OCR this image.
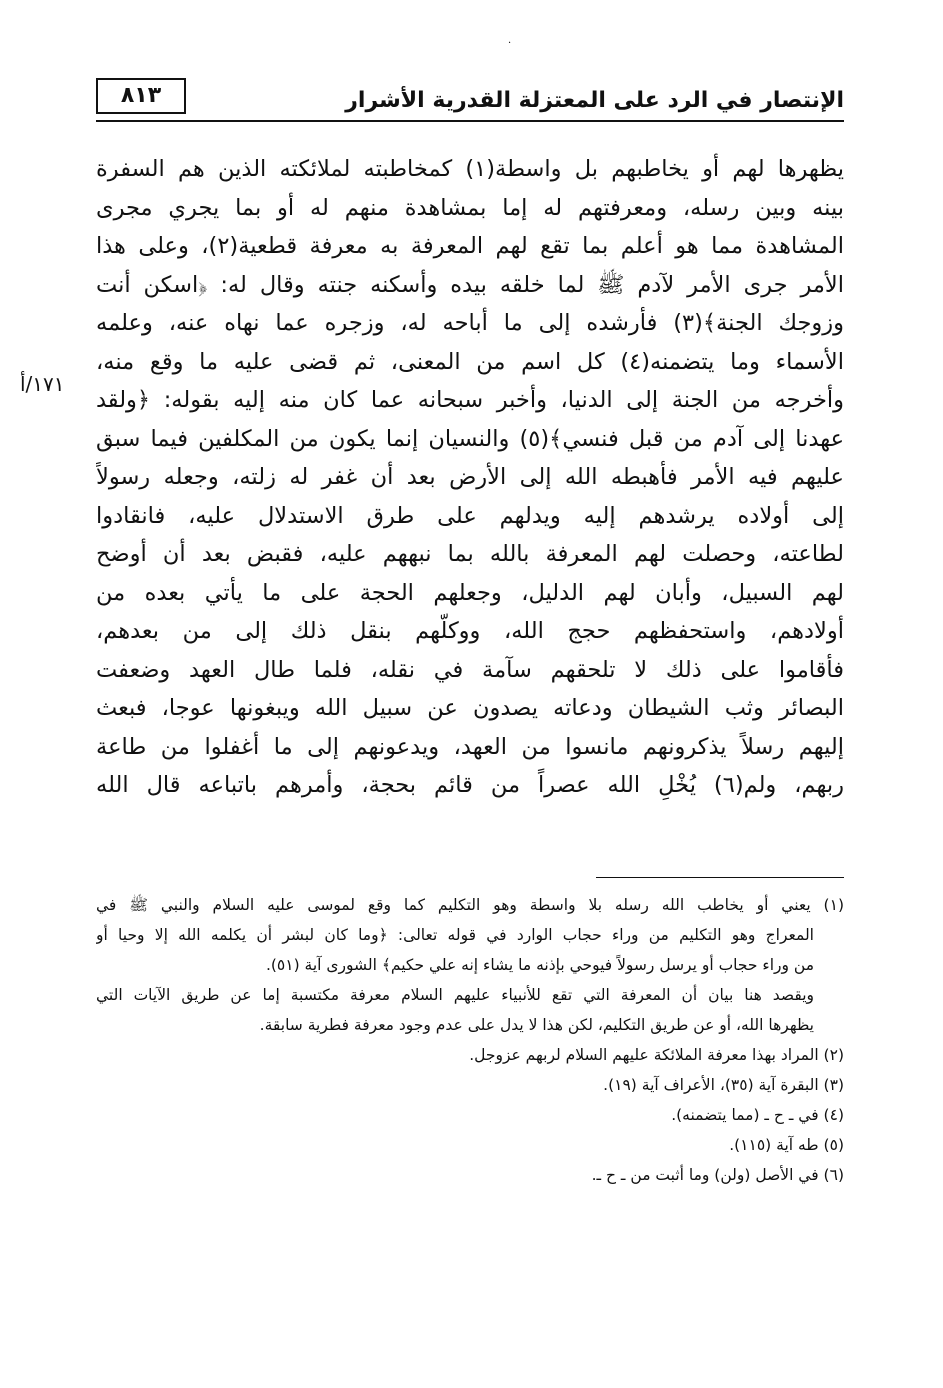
·
الإنتصار في الرد على المعتزلة القدرية الأشرار
٨١٣
١٧١/أ
يظهرها لهم أو يخاطبهم بل واسطة(١) كمخاطبته لملائكته الذين هم السفرة
بينه وبين رسله، ومعرفتهم له إما بمشاهدة منهم له أو بما يجري مجرى
المشاهدة مما هو أعلم بما تقع لهم المعرفة به معرفة قطعية(٢)، وعلى هذا
الأمر جرى الأمر لآدم ﷺ لما خلقه بيده وأسكنه جنته وقال له: ﴿اسكن أنت
وزوجك الجنة﴾(٣) فأرشده إلى ما أباحه له، وزجره عما نهاه عنه، وعلمه
الأسماء وما يتضمنه(٤) كل اسم من المعنى، ثم قضى عليه ما وقع منه،
وأخرجه من الجنة إلى الدنيا، وأخبر سبحانه عما كان منه إليه بقوله: ﴿ولقد
عهدنا إلى آدم من قبل فنسي﴾(٥) والنسيان إنما يكون من المكلفين فيما سبق
عليهم فيه الأمر فأهبطه الله إلى الأرض بعد أن غفر له زلته، وجعله رسولاً
إلى أولاده يرشدهم إليه ويدلهم على طرق الاستدلال عليه، فانقادوا
لطاعته، وحصلت لهم المعرفة بالله بما نبههم عليه، فقبض بعد أن أوضح
لهم السبيل، وأبان لهم الدليل، وجعلهم الحجة على ما يأتي بعده من
أولادهم، واستحفظهم حجج الله، ووكلّهم بنقل ذلك إلى من بعدهم،
فأقاموا على ذلك لا تلحقهم سآمة في نقله، فلما طال العهد وضعفت
البصائر وثب الشيطان ودعاته يصدون عن سبيل الله ويبغونها عوجا، فبعث
إليهم رسلاً يذكرونهم مانسوا من العهد، ويدعونهم إلى ما أغفلوا من طاعة
ربهم، ولم(٦) يُخْلِ الله عصراً من قائم بحجة، وأمرهم باتباعه قال الله
(١) يعني أو يخاطب الله رسله بلا واسطة وهو التكليم كما وقع لموسى عليه السلام والنبي ﷺ في
المعراج وهو التكليم من وراء حجاب الوارد في قوله تعالى: ﴿وما كان لبشر أن يكلمه الله إلا وحيا أو
من وراء حجاب أو يرسل رسولاً فيوحي بإذنه ما يشاء إنه علي حكيم﴾ الشورى آية (٥١).
ويقصد هنا بيان أن المعرفة التي تقع للأنبياء عليهم السلام معرفة مكتسبة إما عن طريق الآيات التي
يظهرها الله، أو عن طريق التكليم، لكن هذا لا يدل على عدم وجود معرفة فطرية سابقة.
(٢) المراد بهذا معرفة الملائكة عليهم السلام لربهم عزوجل.
(٣) البقرة آية (٣٥)، الأعراف آية (١٩).
(٤) في ـ ح ـ (مما يتضمنه).
(٥) طه آية (١١٥).
(٦) في الأصل (ولن) وما أثبت من ـ ح ـ.
